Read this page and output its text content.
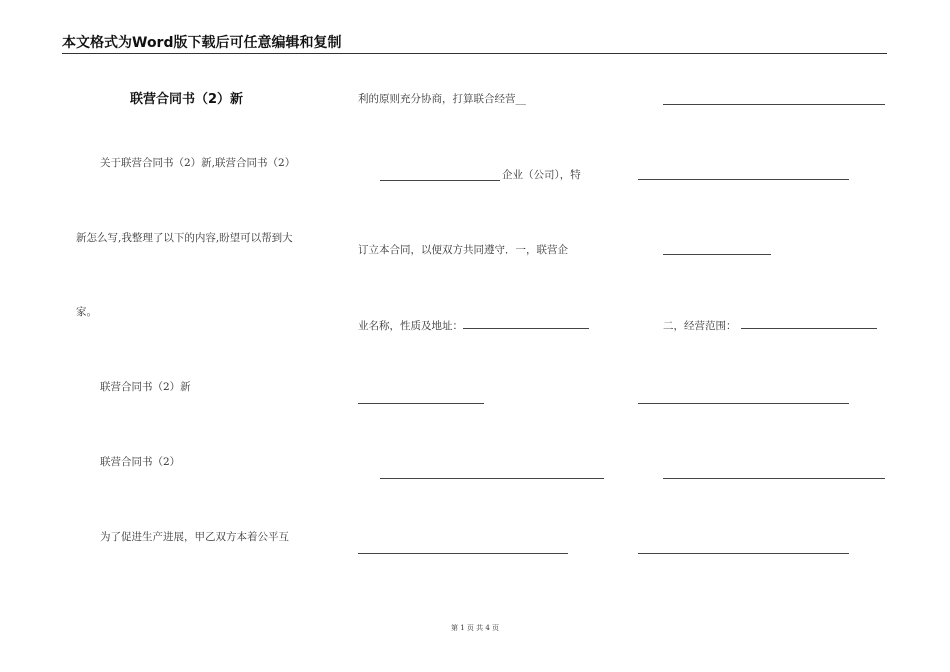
本文格式为Word版下载后可任意编辑和复制
联营合同书（2）新
关于联营合同书（2）新,联营合同书（2）
新怎么写,我整理了以下的内容,盼望可以帮到大
家。
联营合同书（2）新
联营合同书（2）
为了促进生产进展，甲乙双方本着公平互
利的原则充分协商，打算联合经营__
企业（公司），特
订立本合同，以便双方共同遵守．一，联营企
业名称，性质及地址：	二，经营范围：
第 1 页 共 4 页
